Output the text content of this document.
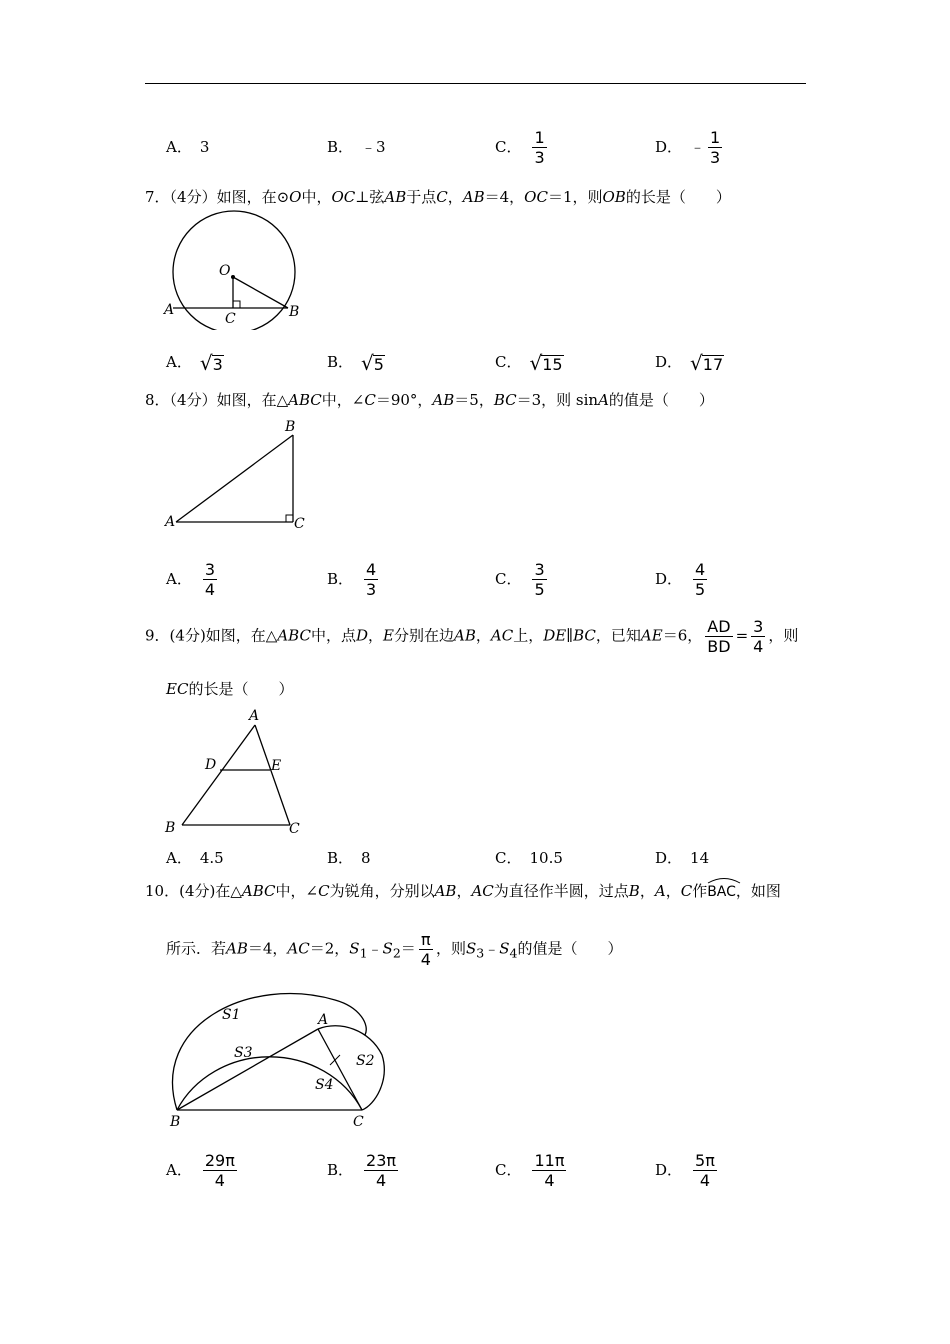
A． 3	B． ﹣3	C． $\frac{1}{3}$	D． ﹣ $\frac{1}{3}$
7．（4分）如图，在⊙O中，OC⊥弦AB于点C，AB＝4，OC＝1，则OB的长是（　　）
O
A	B
C
A． √ 3	B． √ 5	C． √ 15	D． √ 17
8．（4分）如图，在△ABC中，∠C＝90°，AB＝5，BC＝3，则 sinA的值是（　　）
A
B
C
A． $\frac{3}{4}$	B． $\frac{4}{3}$	C． $\frac{3}{5}$	D． $\frac{4}{5}$
9．(4分)如图，在△ABC中，点D，E分别在边AB，AC上，DE∥BC，已知AE＝6， $\frac{AD}{BD} = \frac{3}{4}$ ，则
EC的长是（　　）
A
B	C
D	E
A． 4.5	B． 8	C． 10.5	D． 14
10．(4分)在△ABC中，∠C为锐角，分别以AB，AC为直径作半圆，过点B，A，C作
BAC，如图
所示．若AB＝4，AC＝2，$S_1﹣S_2= \frac{\pi}{4}$ ，则$S_3﹣S_4$的值是（　　）
S1
S2
S3
S4
A
B	C
A． $\frac{29\pi}{4}$	B． $\frac{23\pi}{4}$	C． $\frac{11\pi}{4}$	D． $\frac{5\pi}{4}$
